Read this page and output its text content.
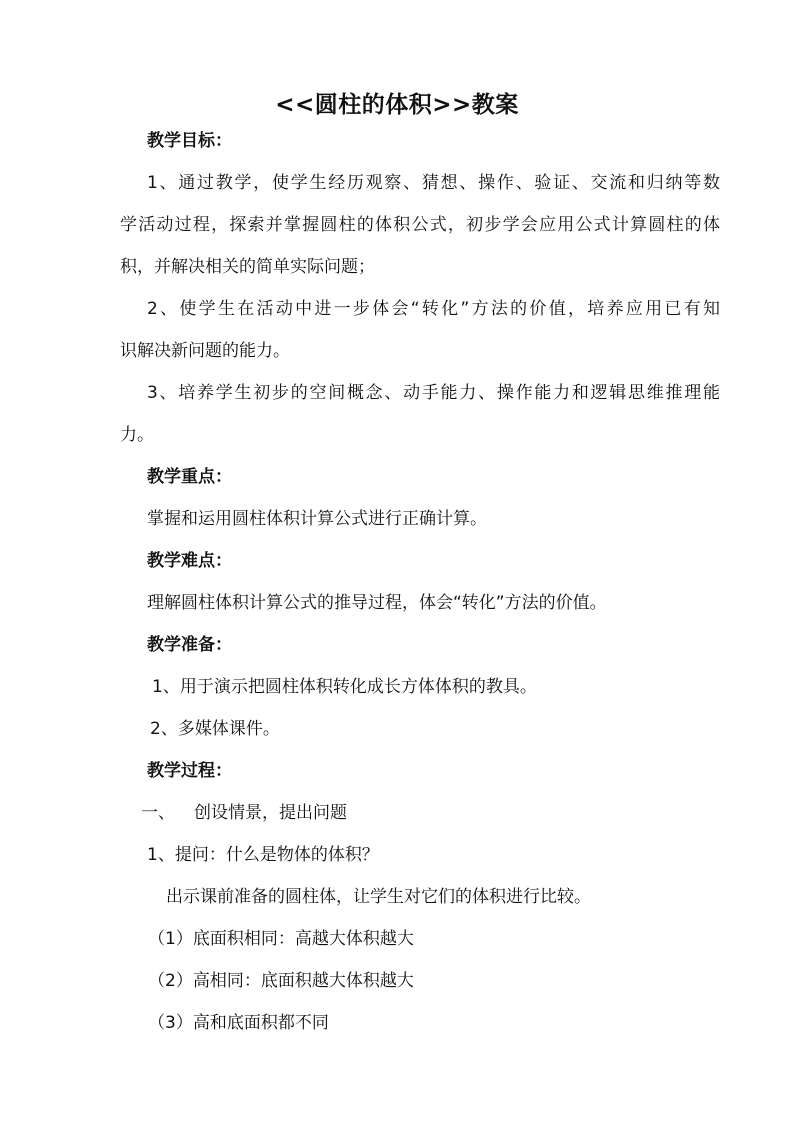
<<圆柱的体积>>教案
教学目标：
1、通过教学，使学生经历观察、猜想、操作、验证、交流和归纳等数
学活动过程，探索并掌握圆柱的体积公式，初步学会应用公式计算圆柱的体
积，并解决相关的简单实际问题；
2、使学生在活动中进一步体会“转化”方法的价值，培养应用已有知
识解决新问题的能力。
3、培养学生初步的空间概念、动手能力、操作能力和逻辑思维推理能
力。
教学重点：
掌握和运用圆柱体积计算公式进行正确计算。
教学难点：
理解圆柱体积计算公式的推导过程，体会“转化”方法的价值。
教学准备：
1、用于演示把圆柱体积转化成长方体体积的教具。
2、多媒体课件。
教学过程：
一、 创设情景，提出问题
1、提问：什么是物体的体积？
出示课前准备的圆柱体，让学生对它们的体积进行比较。
（1）底面积相同：高越大体积越大
（2）高相同：底面积越大体积越大
（3）高和底面积都不同
